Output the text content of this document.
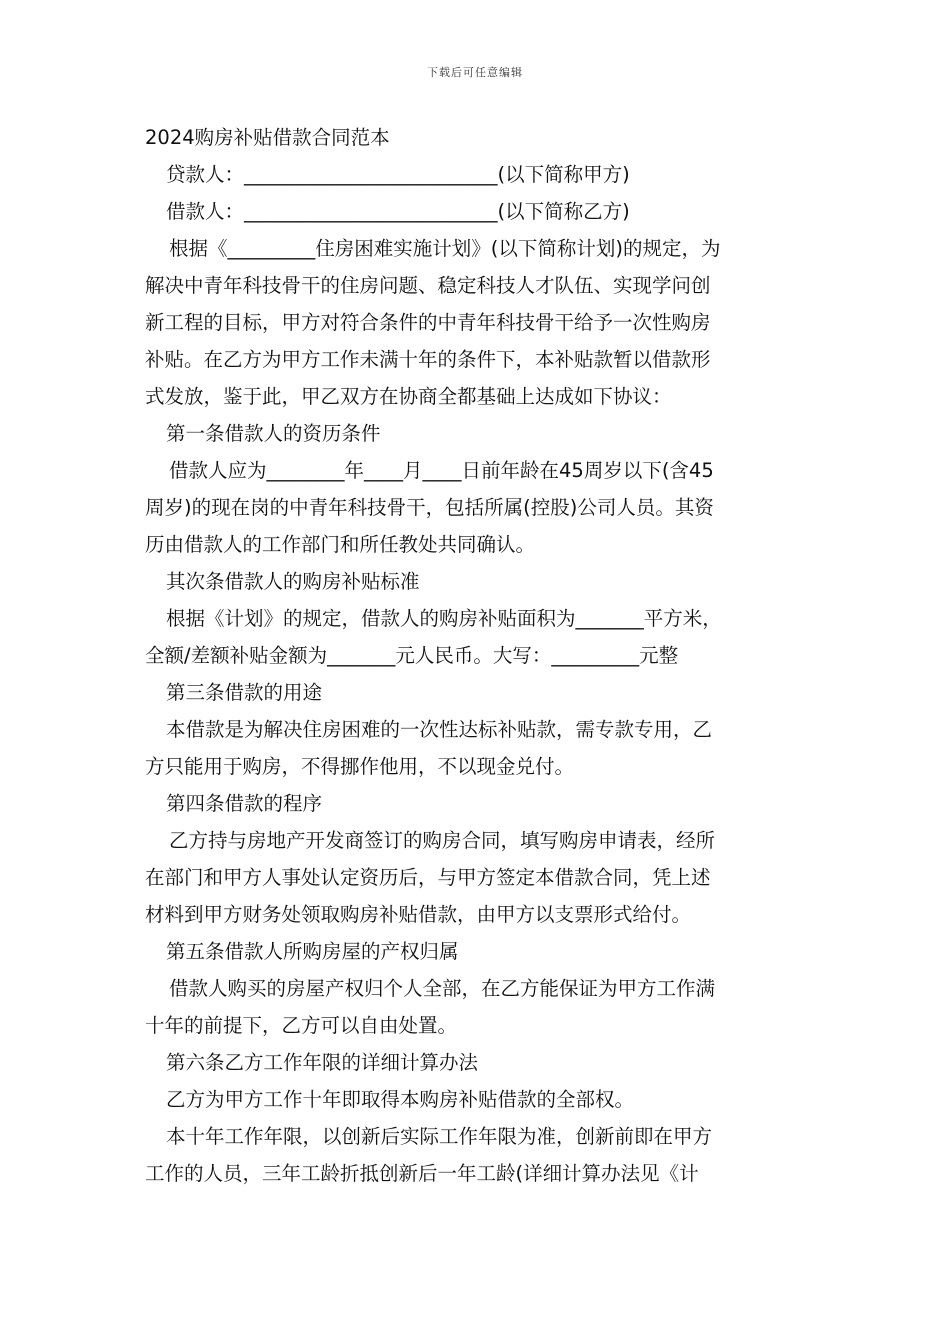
下载后可任意编辑
2024购房补贴借款合同范本
贷款人：__________________________(以下简称甲方)
借款人：__________________________(以下简称乙方)
根据《_________住房困难实施计划》(以下简称计划)的规定，为
解决中青年科技骨干的住房问题、稳定科技人才队伍、实现学问创
新工程的目标，甲方对符合条件的中青年科技骨干给予一次性购房
补贴。在乙方为甲方工作未满十年的条件下，本补贴款暂以借款形
式发放，鉴于此，甲乙双方在协商全都基础上达成如下协议：
第一条借款人的资历条件
借款人应为________年____月____日前年龄在45周岁以下(含45
周岁)的现在岗的中青年科技骨干，包括所属(控股)公司人员。其资
历由借款人的工作部门和所任教处共同确认。
其次条借款人的购房补贴标准
根据《计划》的规定，借款人的购房补贴面积为_______平方米，
全额/差额补贴金额为_______元人民币。大写：_________元整
第三条借款的用途
本借款是为解决住房困难的一次性达标补贴款，需专款专用，乙
方只能用于购房，不得挪作他用，不以现金兑付。
第四条借款的程序
乙方持与房地产开发商签订的购房合同，填写购房申请表，经所
在部门和甲方人事处认定资历后，与甲方签定本借款合同，凭上述
材料到甲方财务处领取购房补贴借款，由甲方以支票形式给付。
第五条借款人所购房屋的产权归属
借款人购买的房屋产权归个人全部，在乙方能保证为甲方工作满
十年的前提下，乙方可以自由处置。
第六条乙方工作年限的详细计算办法
乙方为甲方工作十年即取得本购房补贴借款的全部权。
本十年工作年限，以创新后实际工作年限为准，创新前即在甲方
工作的人员，三年工龄折抵创新后一年工龄(详细计算办法见《计
